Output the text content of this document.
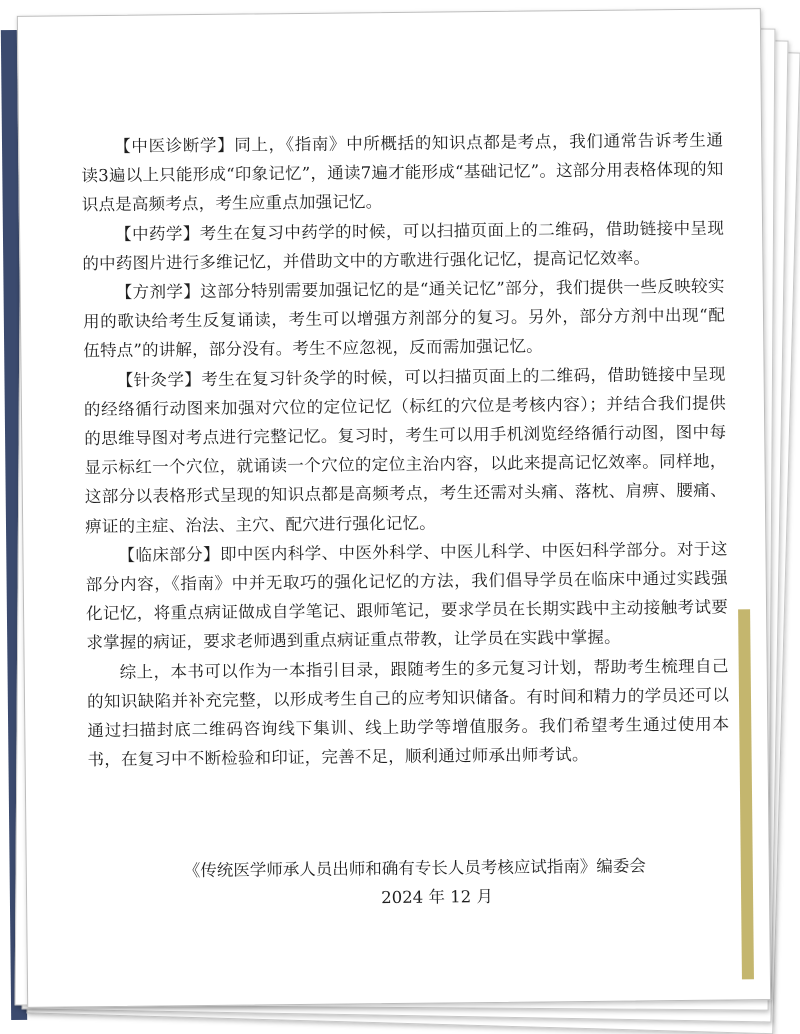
【中医诊断学】同上，《指南》中所概括的知识点都是考点，我们通常告诉考生通读3遍以上只能形成“印象记忆”，通读7遍才能形成“基础记忆”。这部分用表格体现的知识点是高频考点，考生应重点加强记忆。

【中药学】考生在复习中药学的时候，可以扫描页面上的二维码，借助链接中呈现的中药图片进行多维记忆，并借助文中的方歌进行强化记忆，提高记忆效率。

【方剂学】这部分特别需要加强记忆的是“通关记忆”部分，我们提供一些反映较实用的歌诀给考生反复诵读，考生可以增强方剂部分的复习。另外，部分方剂中出现“配伍特点”的讲解，部分没有。考生不应忽视，反而需加强记忆。

【针灸学】考生在复习针灸学的时候，可以扫描页面上的二维码，借助链接中呈现的经络循行动图来加强对穴位的定位记忆（标红的穴位是考核内容）；并结合我们提供的思维导图对考点进行完整记忆。复习时，考生可以用手机浏览经络循行动图，图中每显示标红一个穴位，就诵读一个穴位的定位主治内容，以此来提高记忆效率。同样地，这部分以表格形式呈现的知识点都是高频考点，考生还需对头痛、落枕、肩痹、腰痛、痹证的主症、治法、主穴、配穴进行强化记忆。

【临床部分】即中医内科学、中医外科学、中医儿科学、中医妇科学部分。对于这部分内容，《指南》中并无取巧的强化记忆的方法，我们倡导学员在临床中通过实践强化记忆，将重点病证做成自学笔记、跟师笔记，要求学员在长期实践中主动接触考试要求掌握的病证，要求老师遇到重点病证重点带教，让学员在实践中掌握。

综上，本书可以作为一本指引目录，跟随考生的多元复习计划，帮助考生梳理自己的知识缺陷并补充完整，以形成考生自己的应考知识储备。有时间和精力的学员还可以通过扫描封底二维码咨询线下集训、线上助学等增值服务。我们希望考生通过使用本书，在复习中不断检验和印证，完善不足，顺利通过师承出师考试。

《传统医学师承人员出师和确有专长人员考核应试指南》编委会
2024 年 12 月
